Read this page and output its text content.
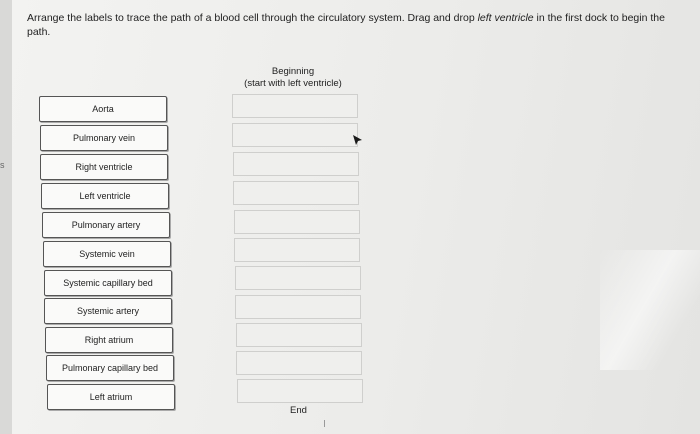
s
Arrange the labels to trace the path of a blood cell through the circulatory system. Drag and drop left ventricle in the first dock to begin the path.
Beginning
(start with left ventricle)
Aorta
Pulmonary vein
Right ventricle
Left ventricle
Pulmonary artery
Systemic vein
Systemic capillary bed
Systemic artery
Right atrium
Pulmonary capillary bed
Left atrium
End
